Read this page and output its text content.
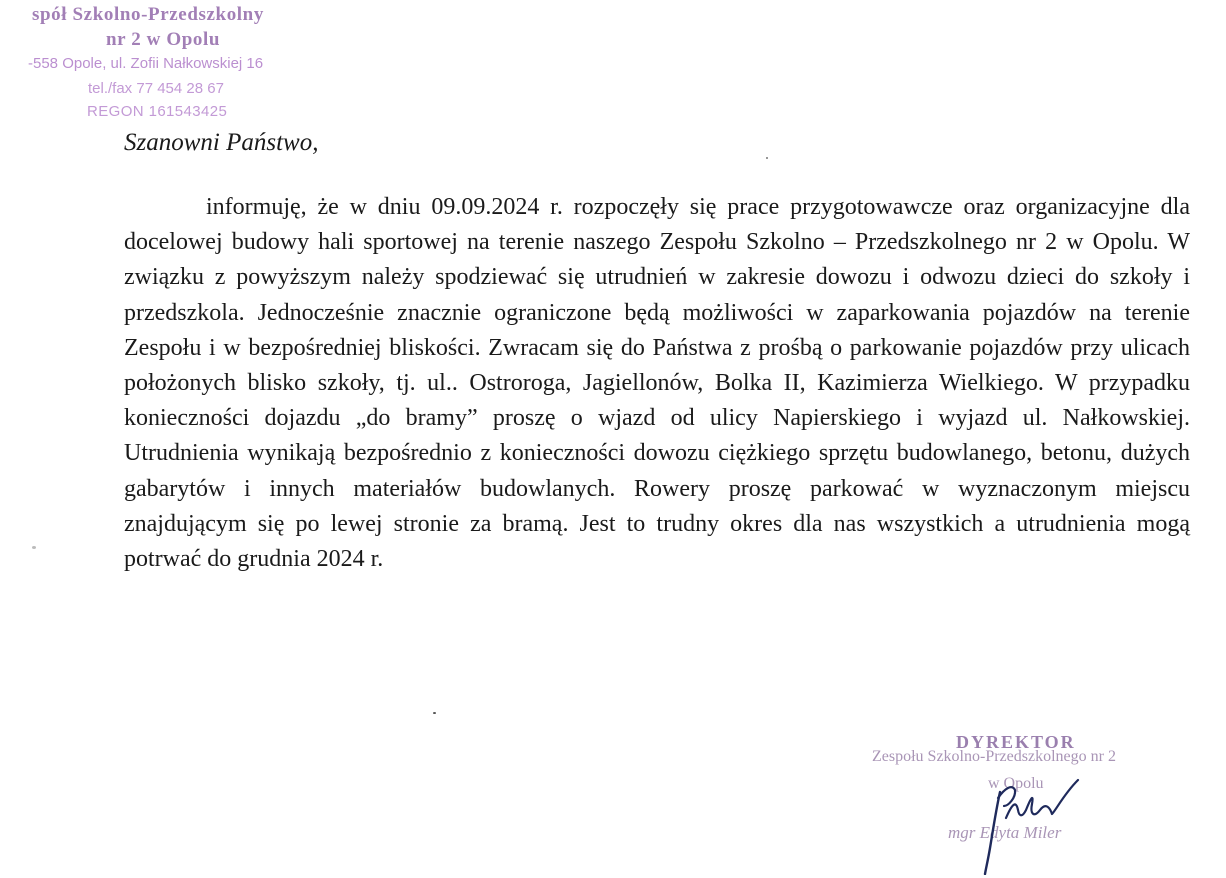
spół Szkolno-Przedszkolny
nr 2 w Opolu
-558 Opole, ul. Zofii Nałkowskiej 16
tel./fax 77 454 28 67
REGON 161543425
Szanowni Państwo,

informuję, że w dniu 09.09.2024 r. rozpoczęły się prace przygotowawcze oraz organizacyjne dla docelowej budowy hali sportowej na terenie naszego Zespołu Szkolno – Przedszkolnego nr 2 w Opolu. W związku z powyższym należy spodziewać się utrudnień w zakresie dowozu i odwozu dzieci do szkoły i przedszkola. Jednocześnie znacznie ograniczone będą możliwości w zaparkowania pojazdów na terenie Zespołu i w bezpośredniej bliskości. Zwracam się do Państwa z prośbą o parkowanie pojazdów przy ulicach położonych blisko szkoły, tj. ul.. Ostroroga, Jagiellonów, Bolka II, Kazimierza Wielkiego. W przypadku konieczności dojazdu „do bramy” proszę o wjazd od ulicy Napierskiego i wyjazd ul. Nałkowskiej. Utrudnienia wynikają bezpośrednio z konieczności dowozu ciężkiego sprzętu budowlanego, betonu, dużych gabarytów i innych materiałów budowlanych. Rowery proszę parkować w wyznaczonym miejscu znajdującym się po lewej stronie za bramą. Jest to trudny okres dla nas wszystkich a utrudnienia mogą potrwać do grudnia 2024 r.

DYREKTOR
Zespołu Szkolno-Przedszkolnego nr 2
w Opolu
mgr Edyta Miler
